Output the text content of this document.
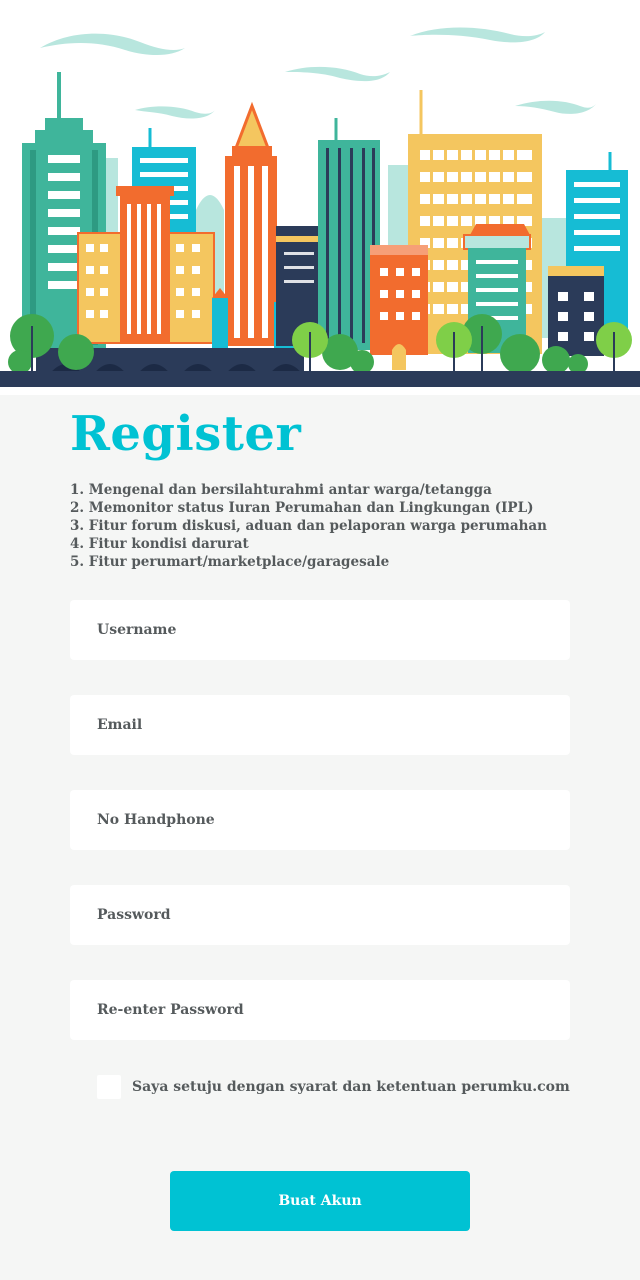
Register
1. Mengenal dan bersilahturahmi antar warga/tetangga
2. Memonitor status Iuran Perumahan dan Lingkungan (IPL)
3. Fitur forum diskusi, aduan dan pelaporan warga perumahan
4. Fitur kondisi darurat
5. Fitur perumart/marketplace/garagesale
Username
Email
No Handphone
Saya setuju dengan syarat dan ketentuan perumku.com
Buat Akun
